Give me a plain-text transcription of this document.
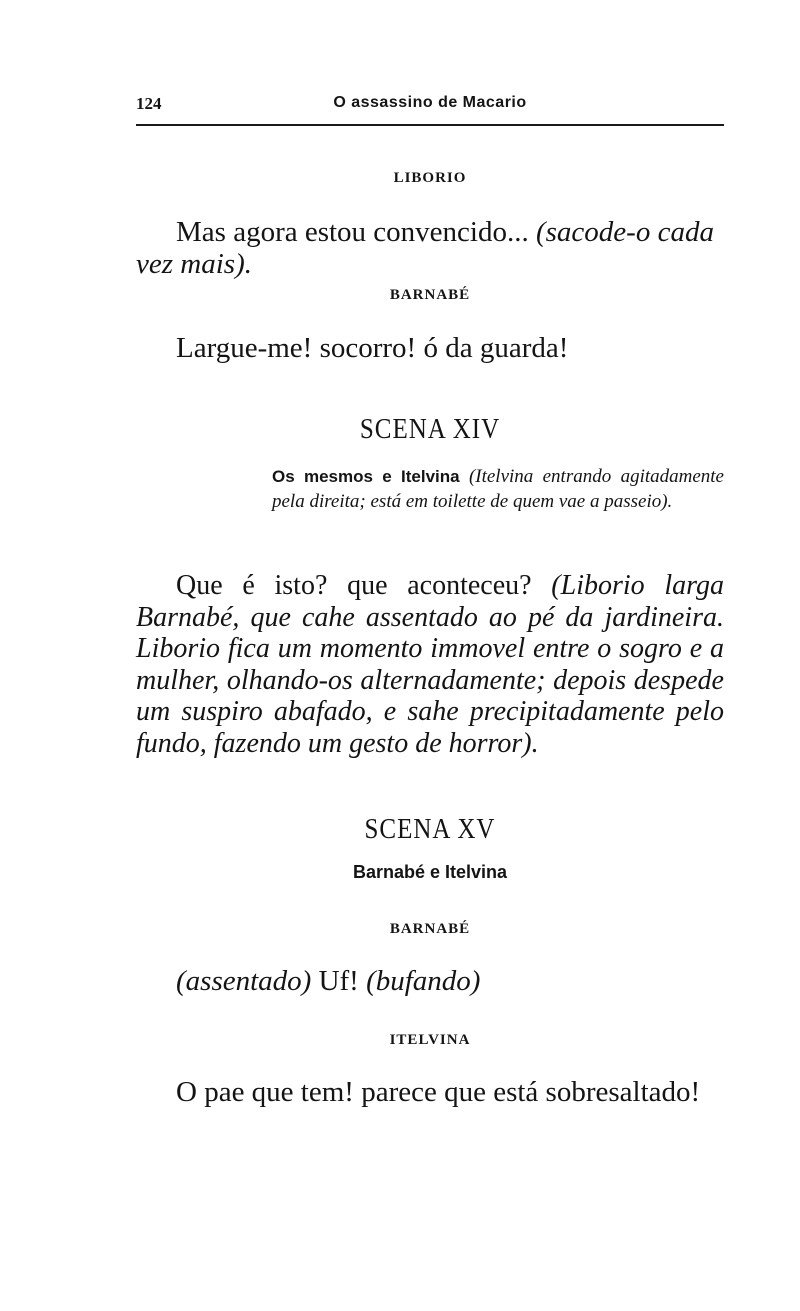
124	O assassino de Macario
LIBORIO
Mas agora estou convencido... (sacode-o cada vez mais).
BARNABÉ
Largue-me! socorro! ó da guarda!
SCENA XIV
Os mesmos e Itelvina (Itelvina entrando agitadamente pela direita; está em toilette de quem vae a passeio).
Que é isto? que aconteceu? (Liborio larga Barnabé, que cahe assentado ao pé da jardineira. Liborio fica um momento immovel entre o sogro e a mulher, olhando-os alternadamente; depois despede um suspiro abafado, e sahe precipitadamente pelo fundo, fazendo um gesto de horror).
SCENA XV
Barnabé e Itelvina
BARNABÉ
(assentado) Uf! (bufando)
ITELVINA
O pae que tem! parece que está sobresaltado!
